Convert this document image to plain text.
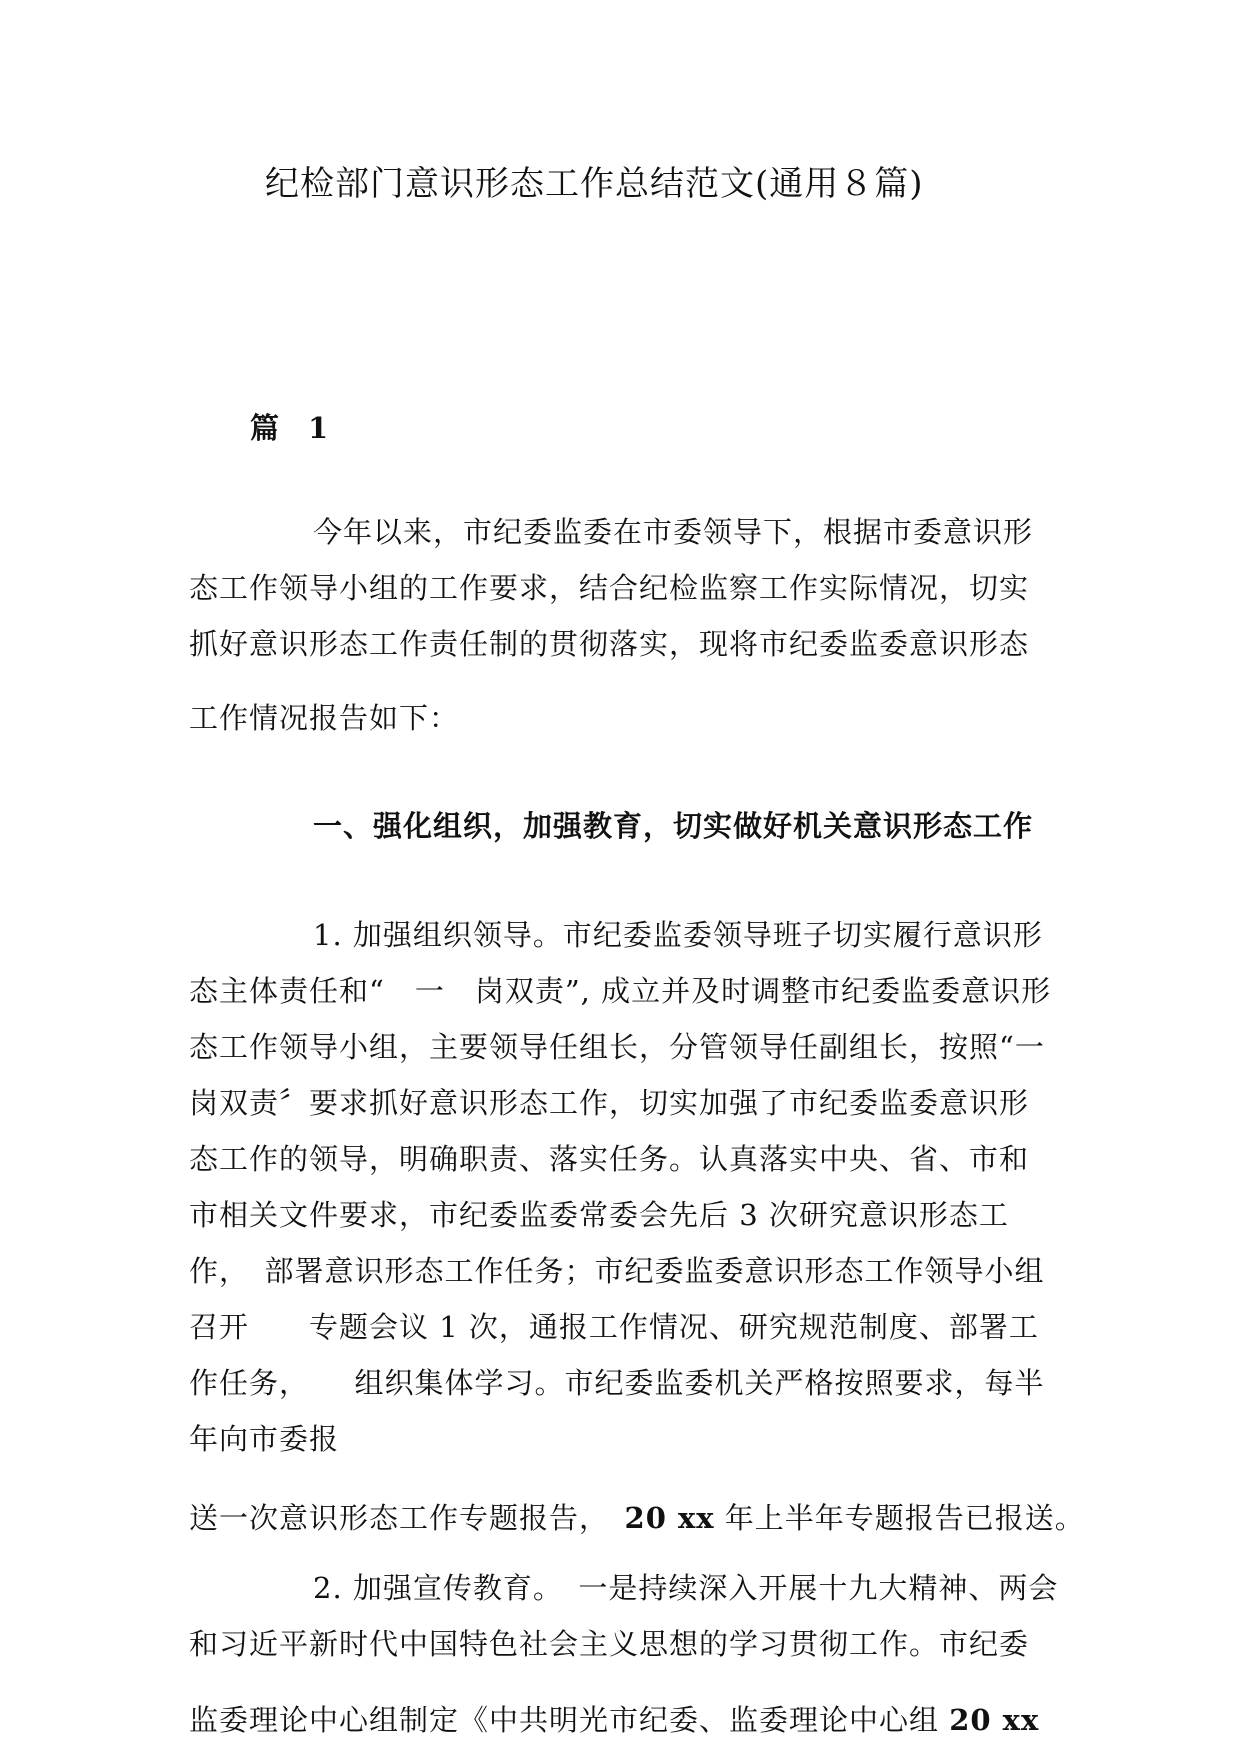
纪检部门意识形态工作总结范文(通用８篇)
篇　1
今年以来，市纪委监委在市委领导下，根据市委意识形
态工作领导小组的工作要求，结合纪检监察工作实际情况，切实
抓好意识形态工作责任制的贯彻落实，现将市纪委监委意识形态
工作情况报告如下：
一、强化组织，加强教育，切实做好机关意识形态工作
1. 加强组织领导。市纪委监委领导班子切实履行意识形
态主体责任和“　一　岗双责”, 成立并及时调整市纪委监委意识形
态工作领导小组，主要领导任组长，分管领导任副组长，按照“一
岗双责〞要求抓好意识形态工作，切实加强了市纪委监委意识形
态工作的领导，明确职责、落实任务。认真落实中央、省、市和
市相关文件要求，市纪委监委常委会先后 3 次研究意识形态工
作，　部署意识形态工作任务；市纪委监委意识形态工作领导小组
召开　　专题会议 1 次，通报工作情况、研究规范制度、部署工
作任务，　　组织集体学习。市纪委监委机关严格按照要求，每半
年向市委报
送一次意识形态工作专题报告，　20 xx 年上半年专题报告已报送。
2. 加强宣传教育。　一是持续深入开展十九大精神、两会
和习近平新时代中国特色社会主义思想的学习贯彻工作。市纪委
监委理论中心组制定《中共明光市纪委、监委理论中心组 20 xx
